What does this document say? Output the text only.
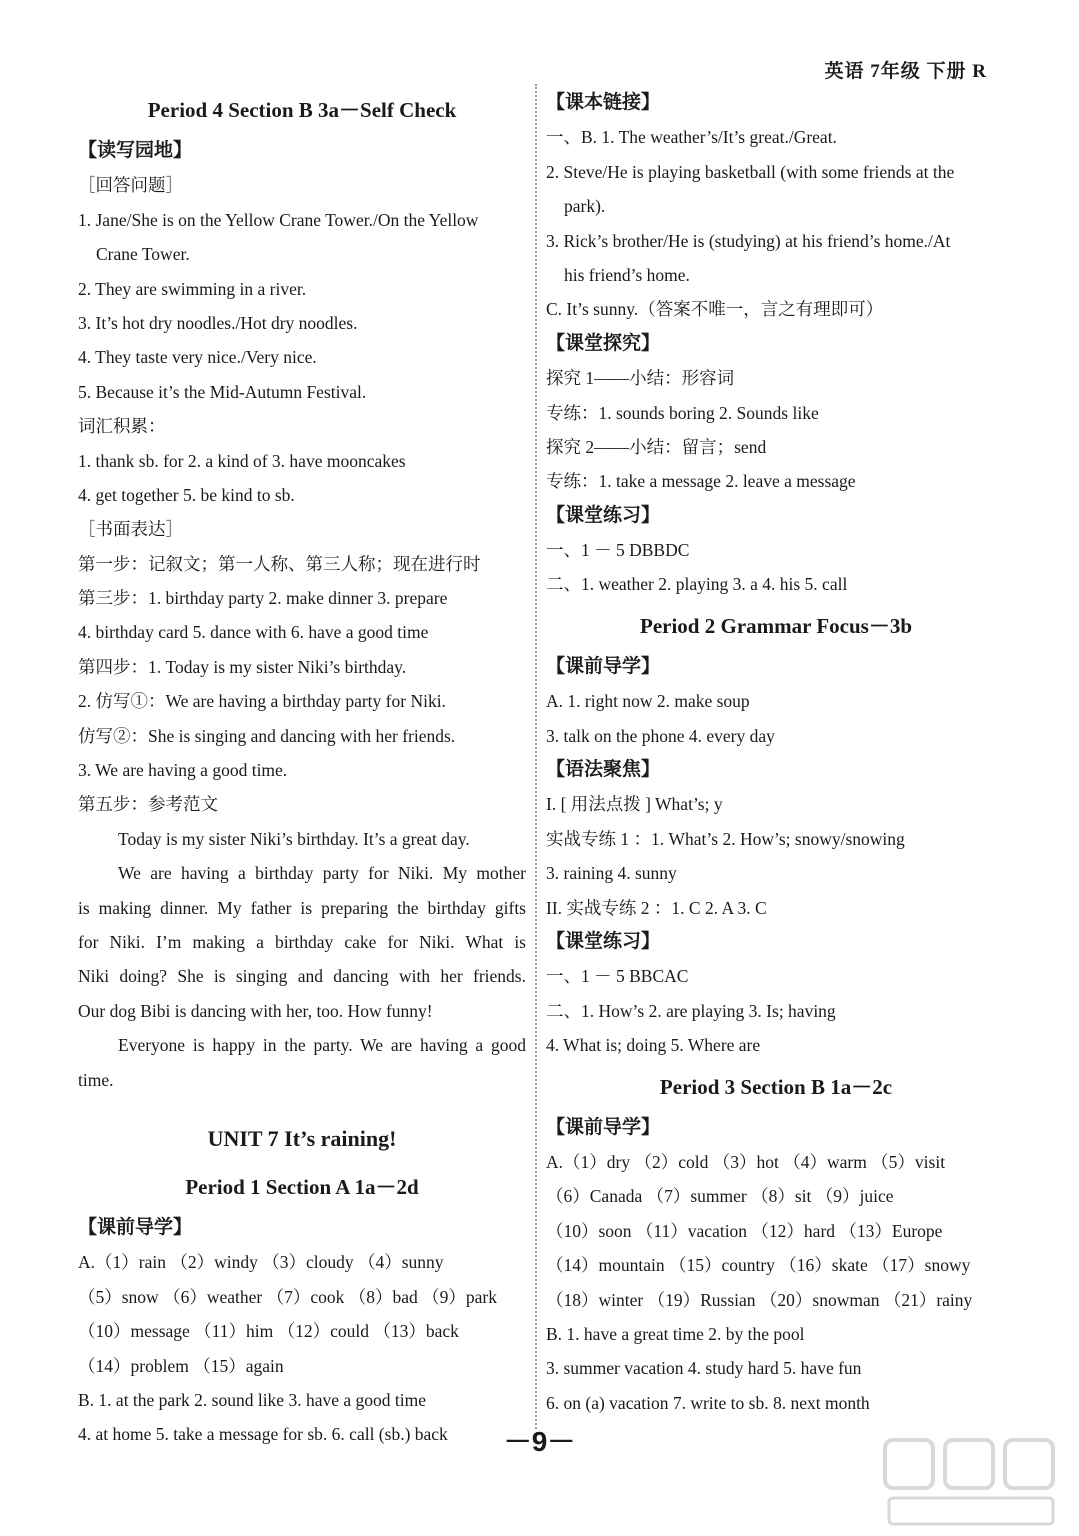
英语 7年级 下册 R
Period 4 Section B 3a－Self Check
【读写园地】
［回答问题］
1. Jane/She is on the Yellow Crane Tower./On the Yellow
Crane Tower.
2. They are swimming in a river.
3. It’s hot dry noodles./Hot dry noodles.
4. They taste very nice./Very nice.
5. Because it’s the Mid-Autumn Festival.
词汇积累：
1. thank sb. for 2. a kind of 3. have mooncakes
4. get together 5. be kind to sb.
［书面表达］
第一步：记叙文；第一人称、第三人称；现在进行时
第三步：1. birthday party 2. make dinner 3. prepare
4. birthday card 5. dance with 6. have a good time
第四步：1. Today is my sister Niki’s birthday.
2. 仿写①：We are having a birthday party for Niki.
仿写②：She is singing and dancing with her friends.
3. We are having a good time.
第五步：参考范文
Today is my sister Niki’s birthday. It’s a great day.
We are having a birthday party for Niki. My mother
is making dinner. My father is preparing the birthday gifts
for Niki. I’m making a birthday cake for Niki. What is
Niki doing? She is singing and dancing with her friends.
Our dog Bibi is dancing with her, too. How funny!
Everyone is happy in the party. We are having a good
time.
UNIT 7 It’s raining!
Period 1 Section A 1a－2d
【课前导学】
A.（1）rain （2）windy （3）cloudy （4）sunny
（5）snow （6）weather （7）cook （8）bad （9）park
（10）message （11）him （12）could （13）back
（14）problem （15）again
B. 1. at the park 2. sound like 3. have a good time
4. at home 5. take a message for sb. 6. call (sb.) back
【课本链接】
一、B. 1. The weather’s/It’s great./Great.
2. Steve/He is playing basketball (with some friends at the
park).
3. Rick’s brother/He is (studying) at his friend’s home./At
his friend’s home.
C. It’s sunny.（答案不唯一，言之有理即可）
【课堂探究】
探究 1——小结：形容词
专练：1. sounds boring 2. Sounds like
探究 2——小结：留言；send
专练：1. take a message 2. leave a message
【课堂练习】
一、1 － 5 DBBDC
二、1. weather 2. playing 3. a 4. his 5. call
Period 2 Grammar Focus－3b
【课前导学】
A. 1. right now 2. make soup
3. talk on the phone 4. every day
【语法聚焦】
I. [ 用法点拨 ] What’s; y
实战专练 1 ：1. What’s 2. How’s; snowy/snowing
3. raining 4. sunny
II. 实战专练 2 ：1. C 2. A 3. C
【课堂练习】
一、1 － 5 BBCAC
二、1. How’s 2. are playing 3. Is; having
4. What is; doing 5. Where are
Period 3 Section B 1a－2c
【课前导学】
A.（1）dry （2）cold （3）hot （4）warm （5）visit
（6）Canada （7）summer （8）sit （9）juice
（10）soon （11）vacation （12）hard （13）Europe
（14）mountain （15）country （16）skate （17）snowy
（18）winter （19）Russian （20）snowman （21）rainy
B. 1. have a great time 2. by the pool
3. summer vacation 4. study hard 5. have fun
6. on (a) vacation 7. write to sb. 8. next month
－9－
